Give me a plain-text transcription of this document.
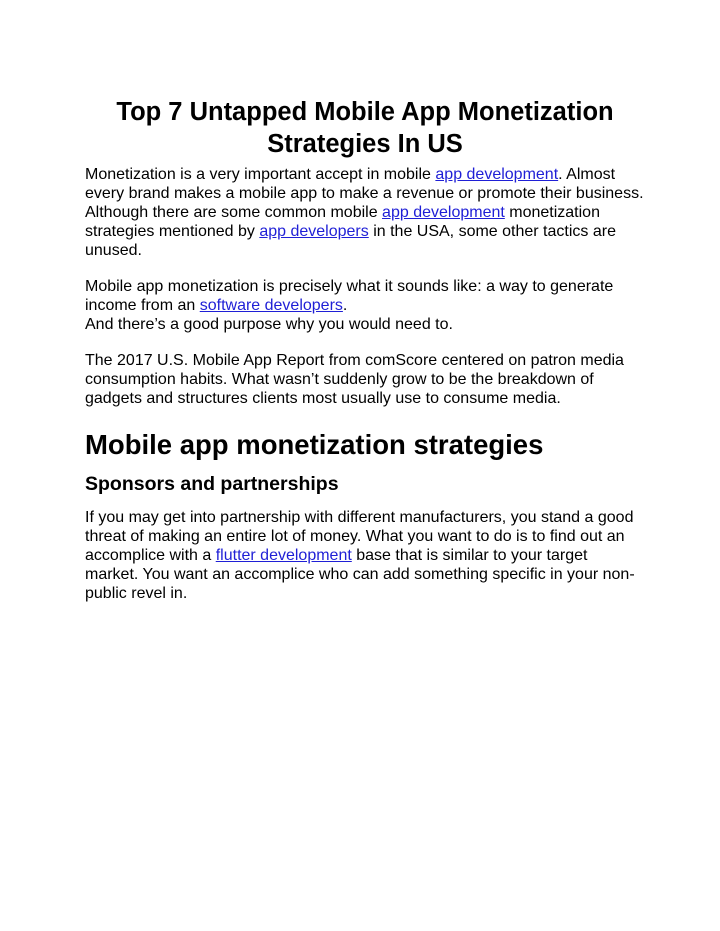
Top 7 Untapped Mobile App Monetization Strategies In US

Monetization is a very important accept in mobile app development. Almost every brand makes a mobile app to make a revenue or promote their business. Although there are some common mobile app development monetization strategies mentioned by app developers in the USA, some other tactics are unused.

Mobile app monetization is precisely what it sounds like: a way to generate income from an software developers.
And there’s a good purpose why you would need to.

The 2017 U.S. Mobile App Report from comScore centered on patron media consumption habits. What wasn’t suddenly grow to be the breakdown of gadgets and structures clients most usually use to consume media.

Mobile app monetization strategies
Sponsors and partnerships

If you may get into partnership with different manufacturers, you stand a good threat of making an entire lot of money. What you want to do is to find out an accomplice with a flutter development base that is similar to your target market. You want an accomplice who can add something specific in your non-public revel in.
